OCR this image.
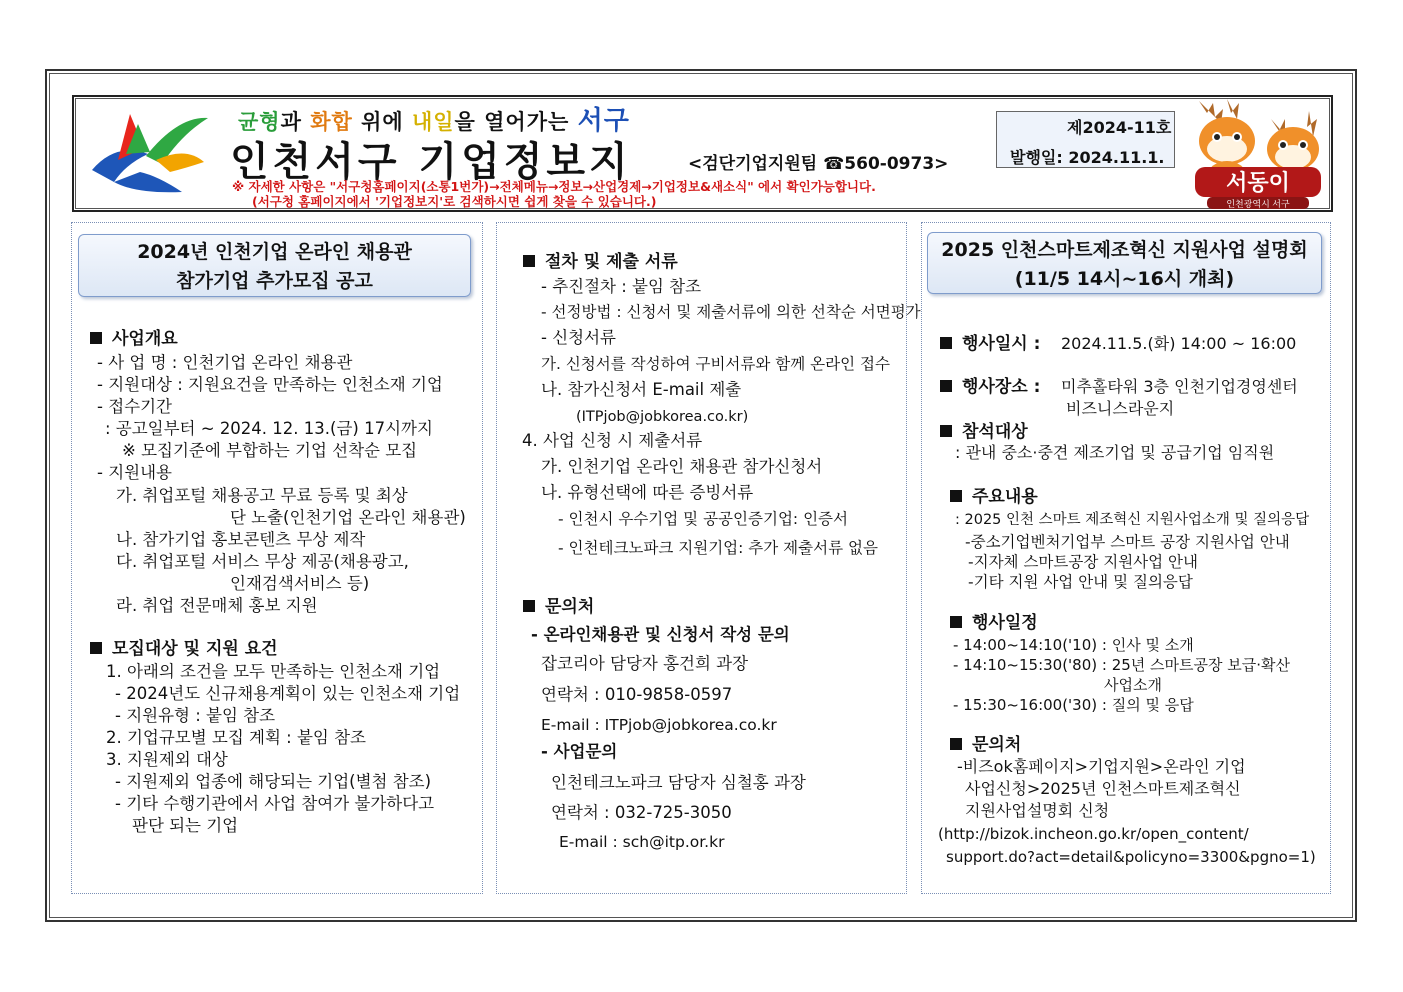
균형과 화합 위에 내일을 열어가는 서구
인천서구 기업정보지	<검단기업지원팀 ☎560-0973>
※ 자세한 사항은 "서구청홈페이지(소통1번가)→전체메뉴→정보→산업경제→기업정보&새소식" 에서 확인가능합니다.
(서구청 홈페이지에서 '기업정보지'로 검색하시면 쉽게 찾을 수 있습니다.)
제2024-11호
발행일: 2024.11.1.
서동이
인천광역시 서구
2024년 인천기업 온라인 채용관
참가기업 추가모집 공고
사업개요
- 사 업 명 : 인천기업 온라인 채용관
- 지원대상 : 지원요건을 만족하는 인천소재 기업
- 접수기간
: 공고일부터 ~ 2024. 12. 13.(금) 17시까지
※ 모집기준에 부합하는 기업 선착순 모집
- 지원내용
가. 취업포털 채용공고 무료 등록 및 최상
단 노출(인천기업 온라인 채용관)
나. 참가기업 홍보콘텐츠 무상 제작
다. 취업포털 서비스 무상 제공(채용광고,
인재검색서비스 등)
라. 취업 전문매체 홍보 지원
모집대상 및 지원 요건
1. 아래의 조건을 모두 만족하는 인천소재 기업
- 2024년도 신규채용계획이 있는 인천소재 기업
- 지원유형 : 붙임 참조
2. 기업규모별 모집 계획 : 붙임 참조
3. 지원제외 대상
- 지원제외 업종에 해당되는 기업(별첨 참조)
- 기타 수행기관에서 사업 참여가 불가하다고
판단 되는 기업
절차 및 제출 서류
- 추진절차 : 붙임 참조
- 선정방법 : 신청서 및 제출서류에 의한 선착순 서면평가
- 신청서류
가. 신청서를 작성하여 구비서류와 함께 온라인 접수
나. 참가신청서 E-mail 제출
(ITPjob@jobkorea.co.kr)
4. 사업 신청 시 제출서류
가. 인천기업 온라인 채용관 참가신청서
나. 유형선택에 따른 증빙서류
- 인천시 우수기업 및 공공인증기업: 인증서
- 인천테크노파크 지원기업: 추가 제출서류 없음
문의처
- 온라인채용관 및 신청서 작성 문의
잡코리아 담당자 홍건희 과장
연락처 : 010-9858-0597
E-mail : ITPjob@jobkorea.co.kr
- 사업문의
인천테크노파크 담당자 심철홍 과장
연락처 : 032-725-3050
E-mail : sch@itp.or.kr
2025 인천스마트제조혁신 지원사업 설명회
(11/5 14시~16시 개최)
행사일시 : 2024.11.5.(화) 14:00 ~ 16:00
행사장소 : 미추홀타워 3층 인천기업경영센터
비즈니스라운지
참석대상
: 관내 중소·중견 제조기업 및 공급기업 임직원
주요내용
: 2025 인천 스마트 제조혁신 지원사업소개 및 질의응답
-중소기업벤처기업부 스마트 공장 지원사업 안내
-지자체 스마트공장 지원사업 안내
-기타 지원 사업 안내 및 질의응답
행사일정
- 14:00~14:10('10) : 인사 및 소개
- 14:10~15:30('80) : 25년 스마트공장 보급·확산
사업소개
- 15:30~16:00('30) : 질의 및 응답
문의처
-비즈ok홈페이지>기업지원>온라인 기업
사업신청>2025년 인천스마트제조혁신
지원사업설명회 신청
(http://bizok.incheon.go.kr/open_content/
support.do?act=detail&policyno=3300&pgno=1)
